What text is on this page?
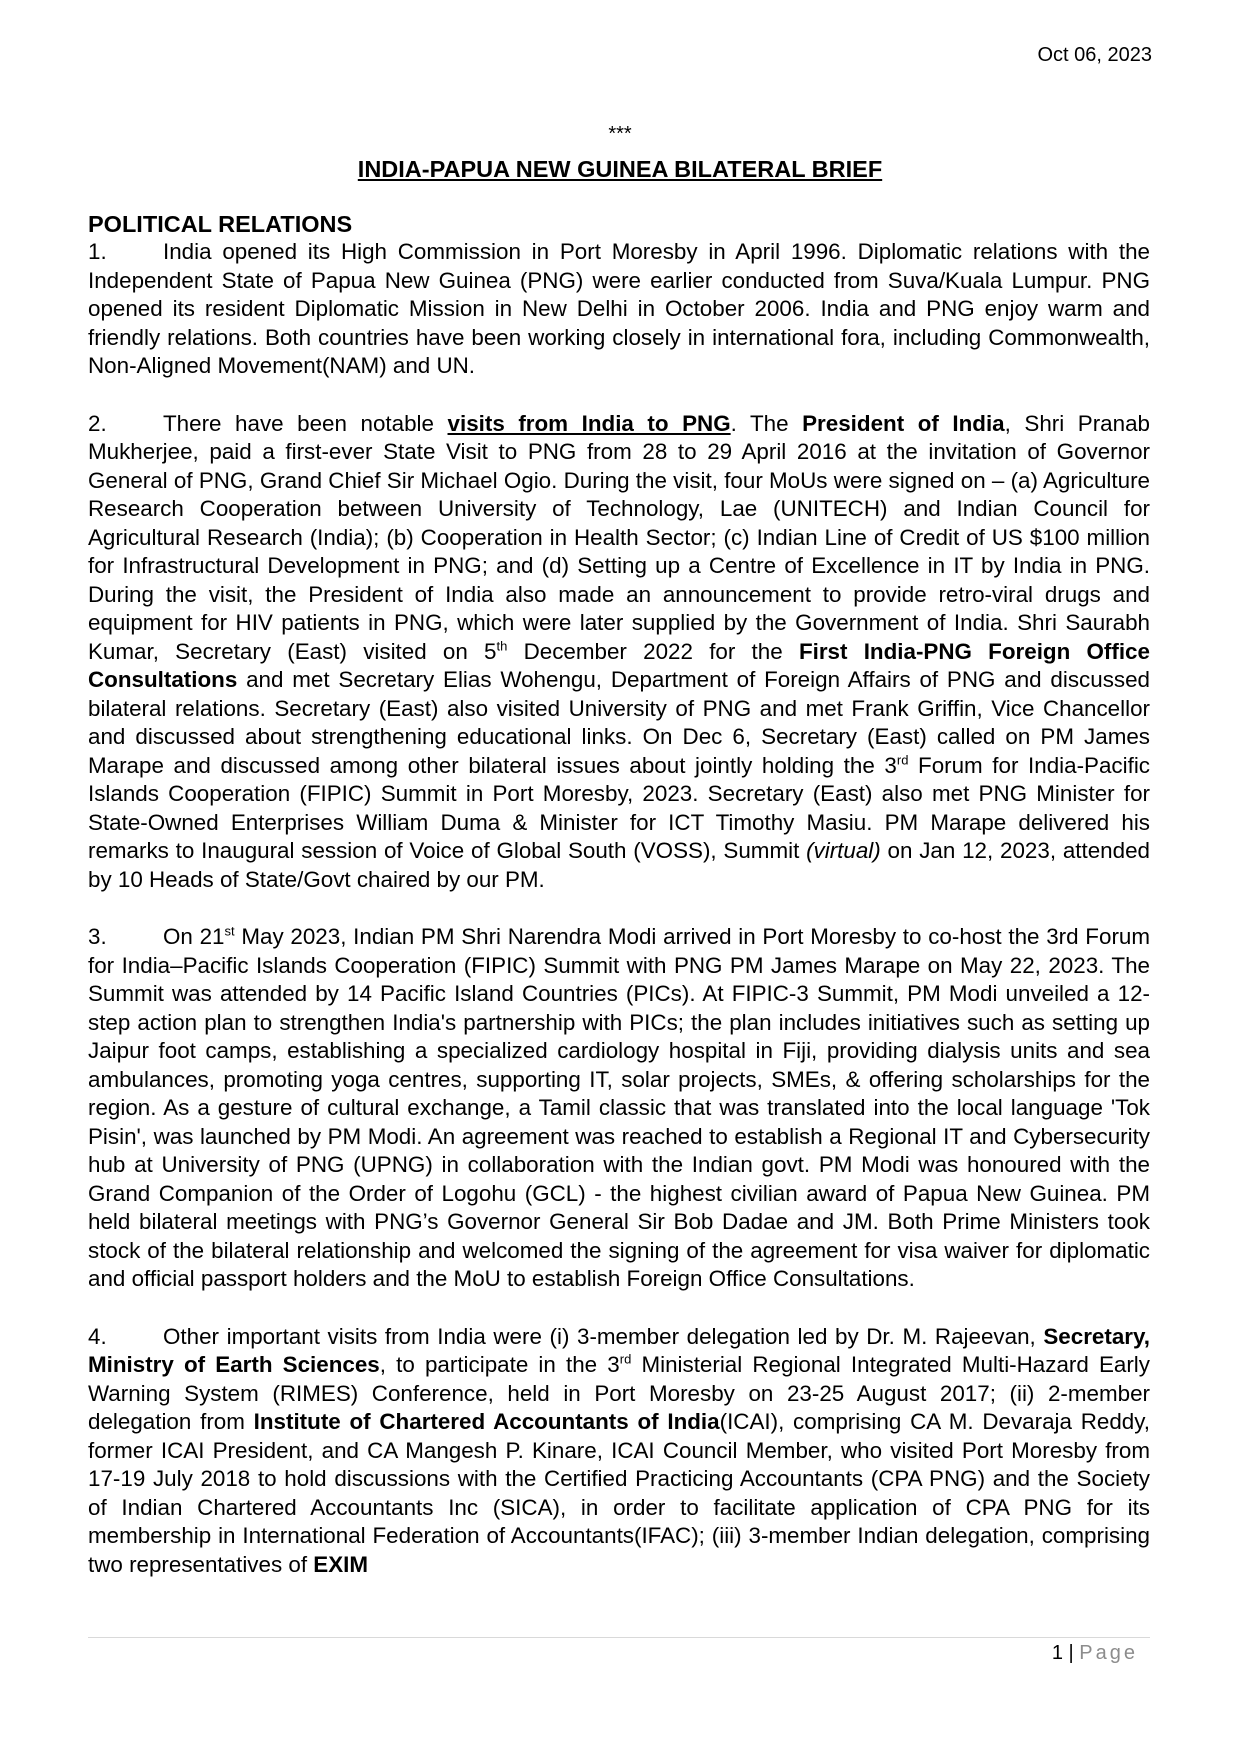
Oct 06, 2023
***
INDIA-PAPUA NEW GUINEA BILATERAL BRIEF
POLITICAL RELATIONS

1.	India opened its High Commission in Port Moresby in April 1996. Diplomatic relations with the Independent State of Papua New Guinea (PNG) were earlier conducted from Suva/Kuala Lumpur. PNG opened its resident Diplomatic Mission in New Delhi in October 2006. India and PNG enjoy warm and friendly relations. Both countries have been working closely in international fora, including Commonwealth, Non-Aligned Movement(NAM) and UN.

2.	There have been notable visits from India to PNG. The President of India, Shri Pranab Mukherjee, paid a first-ever State Visit to PNG from 28 to 29 April 2016 at the invitation of Governor General of PNG, Grand Chief Sir Michael Ogio. During the visit, four MoUs were signed on – (a) Agriculture Research Cooperation between University of Technology, Lae (UNITECH) and Indian Council for Agricultural Research (India); (b) Cooperation in Health Sector; (c) Indian Line of Credit of US $100 million for Infrastructural Development in PNG; and (d) Setting up a Centre of Excellence in IT by India in PNG. During the visit, the President of India also made an announcement to provide retro-viral drugs and equipment for HIV patients in PNG, which were later supplied by the Government of India. Shri Saurabh Kumar, Secretary (East) visited on 5th December 2022 for the First India-PNG Foreign Office Consultations and met Secretary Elias Wohengu, Department of Foreign Affairs of PNG and discussed bilateral relations. Secretary (East) also visited University of PNG and met Frank Griffin, Vice Chancellor and discussed about strengthening educational links. On Dec 6, Secretary (East) called on PM James Marape and discussed among other bilateral issues about jointly holding the 3rd Forum for India-Pacific Islands Cooperation (FIPIC) Summit in Port Moresby, 2023. Secretary (East) also met PNG Minister for State-Owned Enterprises William Duma & Minister for ICT Timothy Masiu. PM Marape delivered his remarks to Inaugural session of Voice of Global South (VOSS), Summit (virtual) on Jan 12, 2023, attended by 10 Heads of State/Govt chaired by our PM.

3.	On 21st May 2023, Indian PM Shri Narendra Modi arrived in Port Moresby to co-host the 3rd Forum for India–Pacific Islands Cooperation (FIPIC) Summit with PNG PM James Marape on May 22, 2023. The Summit was attended by 14 Pacific Island Countries (PICs). At FIPIC-3 Summit, PM Modi unveiled a 12-step action plan to strengthen India's partnership with PICs; the plan includes initiatives such as setting up Jaipur foot camps, establishing a specialized cardiology hospital in Fiji, providing dialysis units and sea ambulances, promoting yoga centres, supporting IT, solar projects, SMEs, & offering scholarships for the region. As a gesture of cultural exchange, a Tamil classic that was translated into the local language 'Tok Pisin', was launched by PM Modi. An agreement was reached to establish a Regional IT and Cybersecurity hub at University of PNG (UPNG) in collaboration with the Indian govt. PM Modi was honoured with the Grand Companion of the Order of Logohu (GCL) - the highest civilian award of Papua New Guinea. PM held bilateral meetings with PNG’s Governor General Sir Bob Dadae and JM. Both Prime Ministers took stock of the bilateral relationship and welcomed the signing of the agreement for visa waiver for diplomatic and official passport holders and the MoU to establish Foreign Office Consultations.

4.	Other important visits from India were (i) 3-member delegation led by Dr. M. Rajeevan, Secretary, Ministry of Earth Sciences, to participate in the 3rd Ministerial Regional Integrated Multi-Hazard Early Warning System (RIMES) Conference, held in Port Moresby on 23-25 August 2017; (ii) 2-member delegation from Institute of Chartered Accountants of India(ICAI), comprising CA M. Devaraja Reddy, former ICAI President, and CA Mangesh P. Kinare, ICAI Council Member, who visited Port Moresby from 17-19 July 2018 to hold discussions with the Certified Practicing Accountants (CPA PNG) and the Society of Indian Chartered Accountants Inc (SICA), in order to facilitate application of CPA PNG for its membership in International Federation of Accountants(IFAC); (iii) 3-member Indian delegation, comprising two representatives of EXIM

1 | Page
